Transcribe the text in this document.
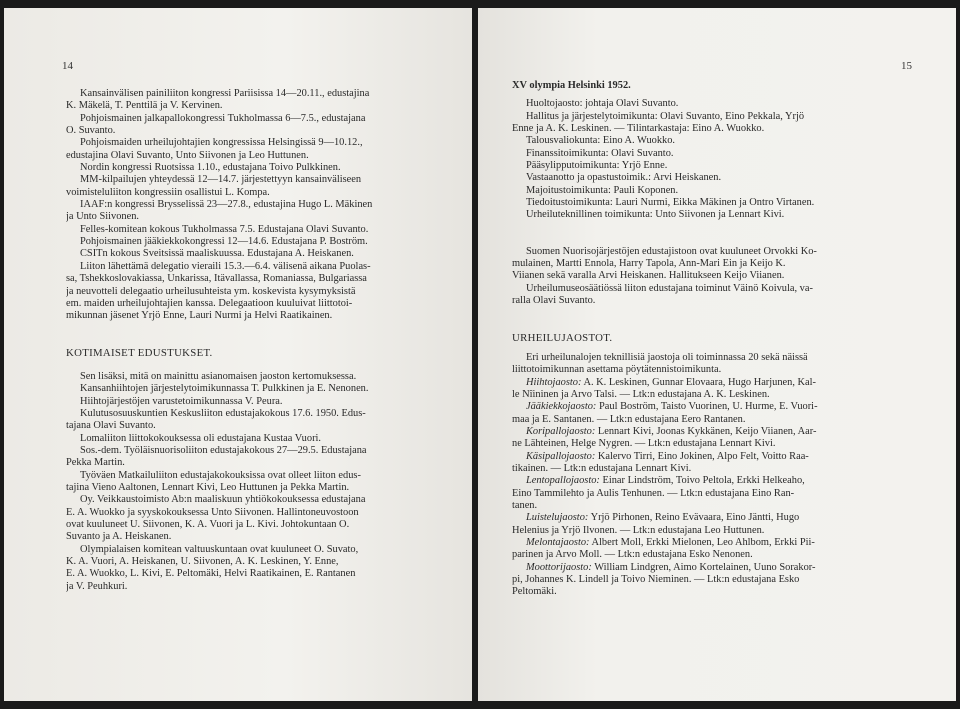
14
Kansainvälisen painiliiton kongressi Pariisissa 14—20.11., edustajina
K. Mäkelä, T. Penttilä ja V. Kervinen.
Pohjoismainen jalkapallokongressi Tukholmassa 6—7.5., edustajana
O. Suvanto.
Pohjoismaiden urheilujohtajien kongressissa Helsingissä 9—10.12.,
edustajina Olavi Suvanto, Unto Siivonen ja Leo Huttunen.
Nordin kongressi Ruotsissa 1.10., edustajana Toivo Pulkkinen.
MM-kilpailujen yhteydessä 12—14.7. järjestettyyn kansainväliseen
voimisteluliiton kongressiin osallistui L. Kompa.
IAAF:n kongressi Brysselissä 23—27.8., edustajina Hugo L. Mäkinen
ja Unto Siivonen.
Felles-komitean kokous Tukholmassa 7.5. Edustajana Olavi Suvanto.
Pohjoismainen jääkiekkokongressi 12—14.6. Edustajana P. Boström.
CSITn kokous Sveitsissä maaliskuussa. Edustajana A. Heiskanen.
Liiton lähettämä delegatio vieraili 15.3.—6.4. välisenä aikana Puolas-
sa, Tshekkoslovakiassa, Unkarissa, Itävallassa, Romaniassa, Bulgariassa
ja neuvotteli delegaatio urheilusuhteista ym. koskevista kysymyksistä
em. maiden urheilujohtajien kanssa. Delegaatioon kuuluivat liittotoi-
mikunnan jäsenet Yrjö Enne, Lauri Nurmi ja Helvi Raatikainen.
KOTIMAISET EDUSTUKSET.
Sen lisäksi, mitä on mainittu asianomaisen jaoston kertomuksessa.
Kansanhiihtojen järjestelytoimikunnassa T. Pulkkinen ja E. Nenonen.
Hiihtojärjestöjen varustetoimikunnassa V. Peura.
Kulutusosuuskuntien Keskusliiton edustajakokous 17.6. 1950. Edus-
tajana Olavi Suvanto.
Lomaliiton liittokokouksessa oli edustajana Kustaa Vuori.
Sos.-dem. Työläisnuorisoliiton edustajakokous 27—29.5. Edustajana
Pekka Martin.
Työväen Matkailuliiton edustajakokouksissa ovat olleet liiton edus-
tajina Vieno Aaltonen, Lennart Kivi, Leo Huttunen ja Pekka Martin.
Oy. Veikkaustoimisto Ab:n maaliskuun yhtiökokouksessa edustajana
E. A. Wuokko ja syyskokouksessa Unto Siivonen. Hallintoneuvostoon
ovat kuuluneet U. Siivonen, K. A. Vuori ja L. Kivi. Johtokuntaan O.
Suvanto ja A. Heiskanen.
Olympialaisen komitean valtuuskuntaan ovat kuuluneet O. Suvato,
K. A. Vuori, A. Heiskanen, U. Siivonen, A. K. Leskinen, Y. Enne,
E. A. Wuokko, L. Kivi, E. Peltomäki, Helvi Raatikainen, E. Rantanen
ja V. Peuhkuri.
15
XV olympia Helsinki 1952.
Huoltojaosto: johtaja Olavi Suvanto.
Hallitus ja järjestelytoimikunta: Olavi Suvanto, Eino Pekkala, Yrjö
Enne ja A. K. Leskinen. — Tilintarkastaja: Eino A. Wuokko.
Talousvaliokunta: Eino A. Wuokko.
Finanssitoimikunta: Olavi Suvanto.
Pääsylipputoimikunta: Yrjö Enne.
Vastaanotto ja opastustoimik.: Arvi Heiskanen.
Majoitustoimikunta: Pauli Koponen.
Tiedoitustoimikunta: Lauri Nurmi, Eikka Mäkinen ja Ontro Virtanen.
Urheiluteknillinen toimikunta: Unto Siivonen ja Lennart Kivi.
Suomen Nuorisojärjestöjen edustajistoon ovat kuuluneet Orvokki Ko-
mulainen, Martti Ennola, Harry Tapola, Ann-Mari Ein ja Keijo K.
Viianen sekä varalla Arvi Heiskanen. Hallitukseen Keijo Viianen.
Urheilumuseosäätiössä liiton edustajana toiminut Väinö Koivula, va-
ralla Olavi Suvanto.
URHEILUJAOSTOT.
Eri urheilunalojen teknillisiä jaostoja oli toiminnassa 20 sekä näissä
liittotoimikunnan asettama pöytätennistoimikunta.
Hiihtojaosto: A. K. Leskinen, Gunnar Elovaara, Hugo Harjunen, Kal-
le Nîininen ja Arvo Talsi. — Ltk:n edustajana A. K. Leskinen.
Jääkiekkojaosto: Paul Boström, Taisto Vuorinen, U. Hurme, E. Vuori-
maa ja E. Santanen. — Ltk:n edustajana Eero Rantanen.
Koripallojaosto: Lennart Kivi, Joonas Kykkänen, Keijo Viianen, Aar-
ne Lähteinen, Helge Nygren. — Ltk:n edustajana Lennart Kivi.
Käsipallojaosto: Kalervo Tirri, Eino Jokinen, Alpo Felt, Voitto Raa-
tikainen. — Ltk:n edustajana Lennart Kivi.
Lentopallojaosto: Einar Lindström, Toivo Peltola, Erkki Helkeaho,
Eino Tammilehto ja Aulis Tenhunen. — Ltk:n edustajana Eino Ran-
tanen.
Luistelujaosto: Yrjö Pirhonen, Reino Evävaara, Eino Jäntti, Hugo
Helenius ja Yrjö Ilvonen. — Ltk:n edustajana Leo Huttunen.
Melontajaosto: Albert Moll, Erkki Mielonen, Leo Ahlbom, Erkki Pii-
parinen ja Arvo Moll. — Ltk:n edustajana Esko Nenonen.
Moottorijaosto: William Lindgren, Aimo Kortelainen, Uuno Sorakor-
pi, Johannes K. Lindell ja Toivo Nieminen. — Ltk:n edustajana Esko
Peltomäki.
